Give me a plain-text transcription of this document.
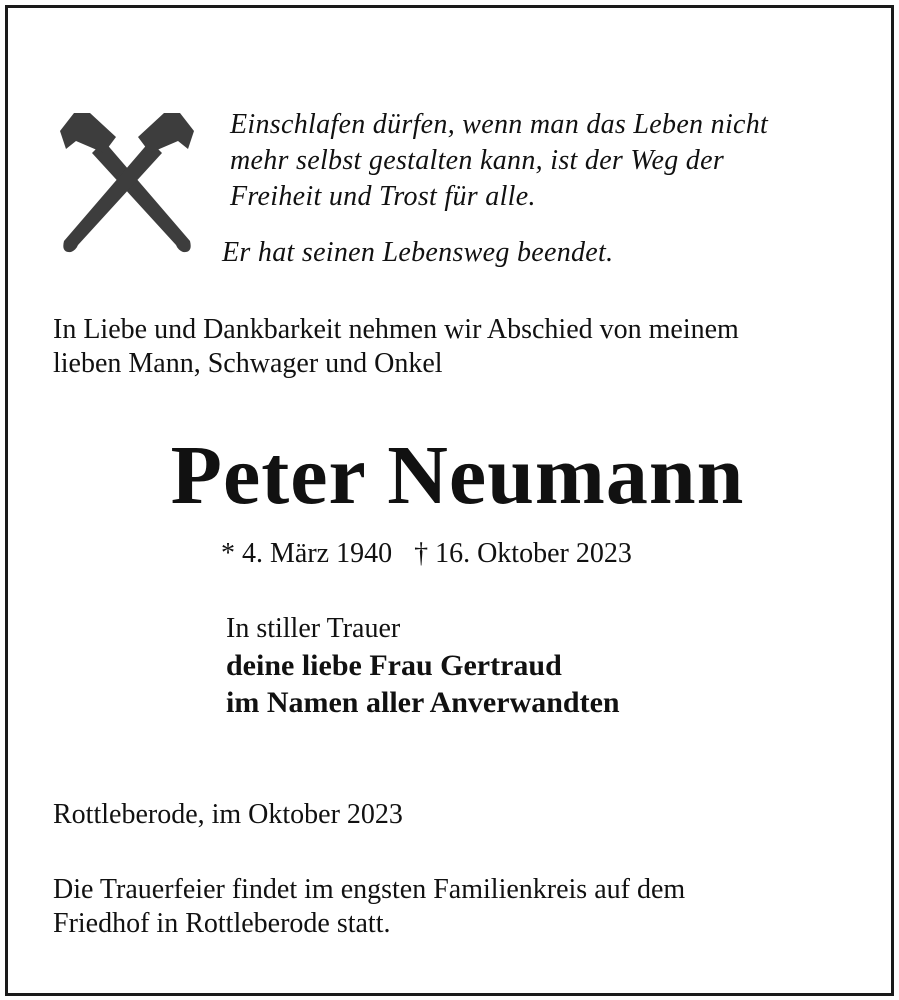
Einschlafen dürfen, wenn man das Leben nicht
mehr selbst gestalten kann, ist der Weg der
Freiheit und Trost für alle.

Er hat seinen Lebensweg beendet.

In Liebe und Dankbarkeit nehmen wir Abschied von meinem
lieben Mann, Schwager und Onkel

Peter Neumann

* 4. März 1940 † 16. Oktober 2023

In stiller Trauer
deine liebe Frau Gertraud
im Namen aller Anverwandten

Rottleberode, im Oktober 2023

Die Trauerfeier findet im engsten Familienkreis auf dem
Friedhof in Rottleberode statt.
